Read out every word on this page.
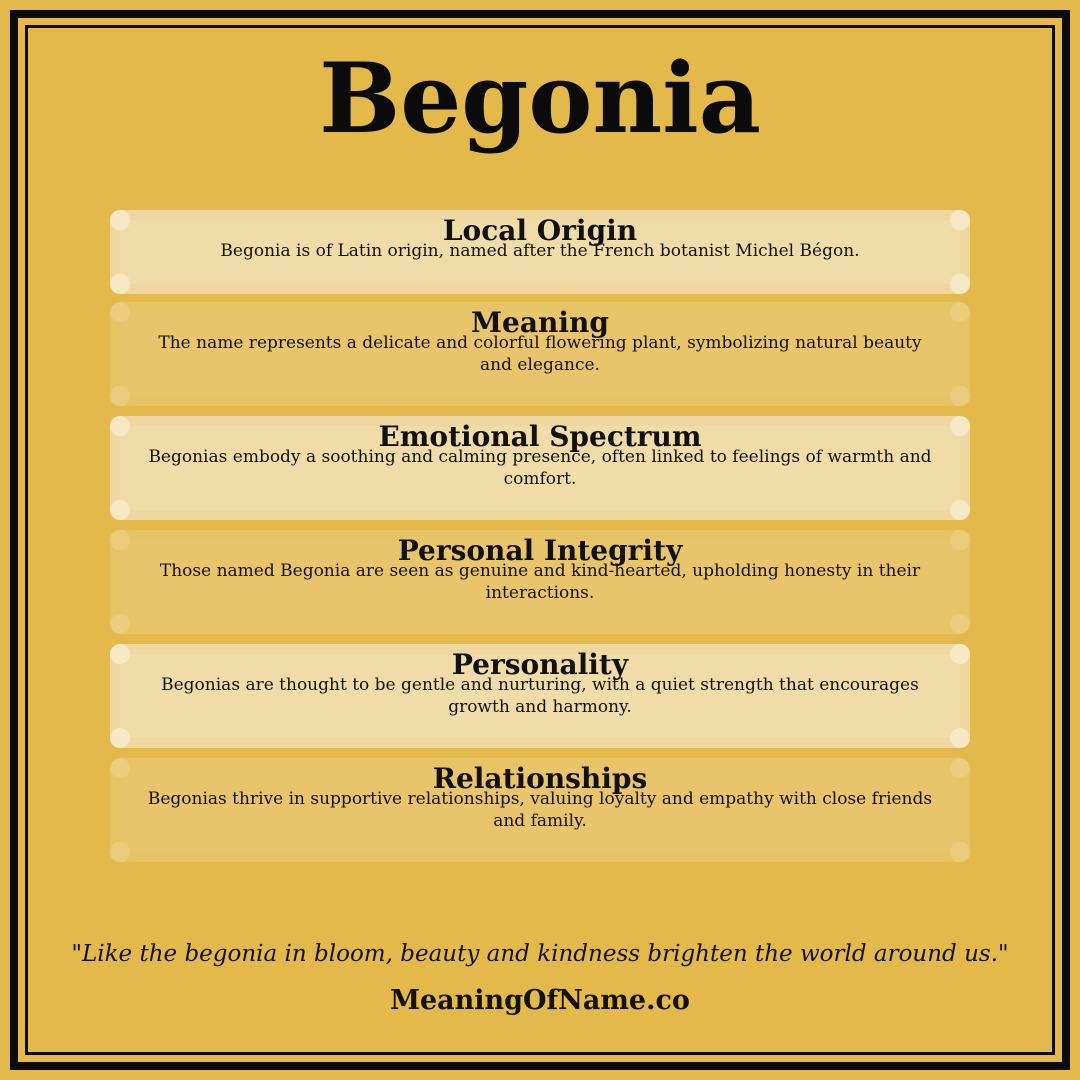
Begonia
Local Origin
Begonia is of Latin origin, named after the French botanist Michel Bégon.
Meaning
The name represents a delicate and colorful flowering plant, symbolizing natural beauty and elegance.
Emotional Spectrum
Begonias embody a soothing and calming presence, often linked to feelings of warmth and comfort.
Personal Integrity
Those named Begonia are seen as genuine and kind-hearted, upholding honesty in their interactions.
Personality
Begonias are thought to be gentle and nurturing, with a quiet strength that encourages growth and harmony.
Relationships
Begonias thrive in supportive relationships, valuing loyalty and empathy with close friends and family.
"Like the begonia in bloom, beauty and kindness brighten the world around us."
MeaningOfName.co
